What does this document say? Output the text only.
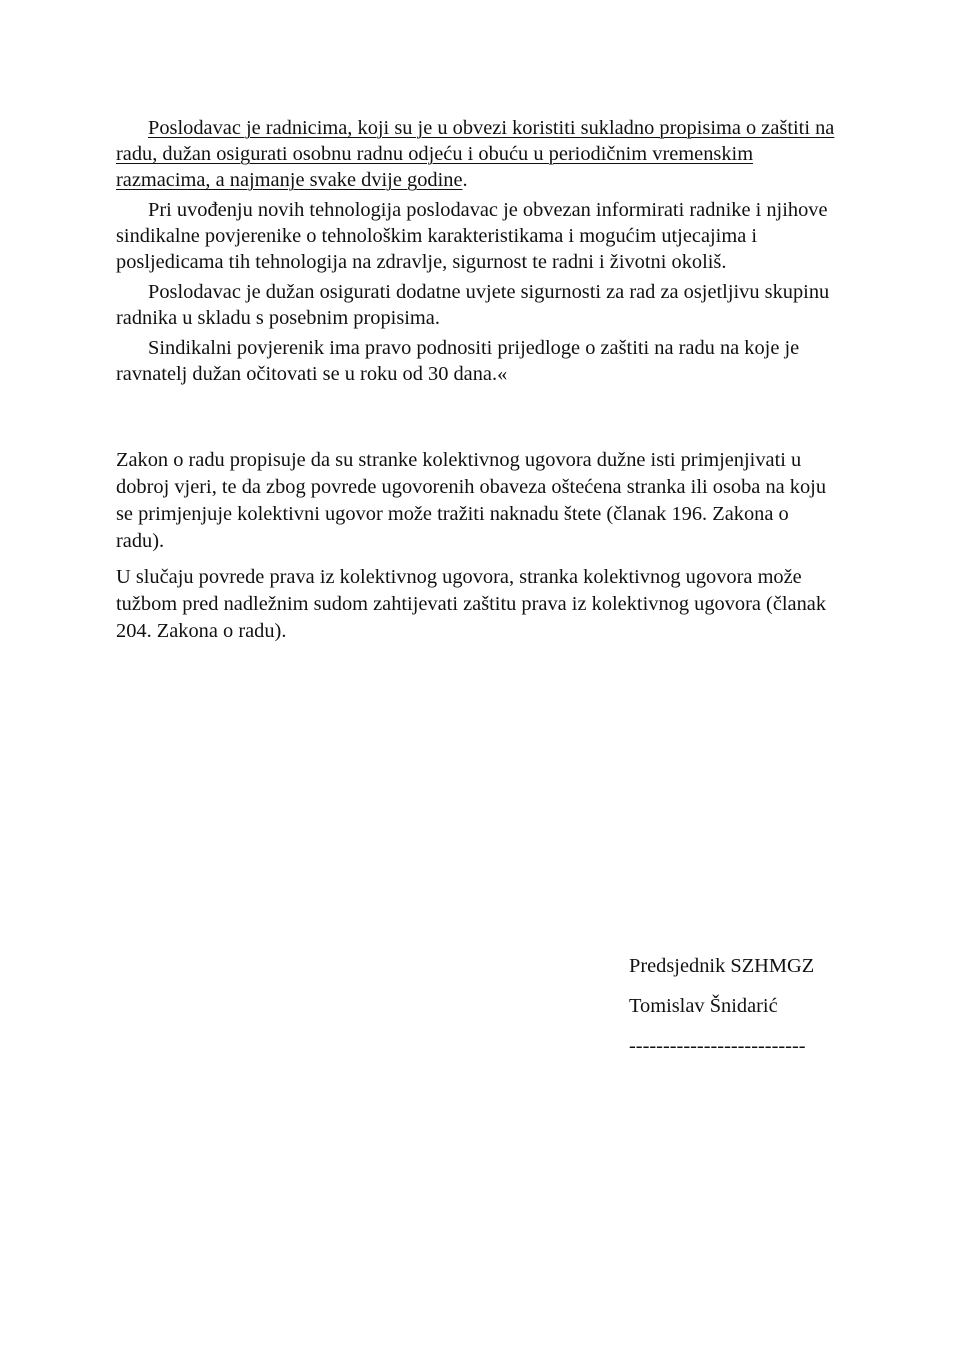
Poslodavac je radnicima, koji su je u obvezi koristiti sukladno propisima o zaštiti na radu, dužan osigurati osobnu radnu odjeću i obuću u periodičnim vremenskim razmacima, a najmanje svake dvije godine.

Pri uvođenju novih tehnologija poslodavac je obvezan informirati radnike i njihove sindikalne povjerenike o tehnološkim karakteristikama i mogućim utjecajima i posljedicama tih tehnologija na zdravlje, sigurnost te radni i životni okoliš.

Poslodavac je dužan osigurati dodatne uvjete sigurnosti za rad za osjetljivu skupinu radnika u skladu s posebnim propisima.

Sindikalni povjerenik ima pravo podnositi prijedloge o zaštiti na radu na koje je ravnatelj dužan očitovati se u roku od 30 dana.«

Zakon o radu propisuje da su stranke kolektivnog ugovora dužne isti primjenjivati u dobroj vjeri, te da zbog povrede ugovorenih obaveza oštećena stranka ili osoba na koju se primjenjuje kolektivni ugovor može tražiti naknadu štete (članak 196. Zakona o radu).

U slučaju povrede prava iz kolektivnog ugovora, stranka kolektivnog ugovora može tužbom pred nadležnim sudom zahtijevati zaštitu prava iz kolektivnog ugovora (članak 204. Zakona o radu).

Predsjednik SZHMGZ
Tomislav Šnidarić
--------------------------
